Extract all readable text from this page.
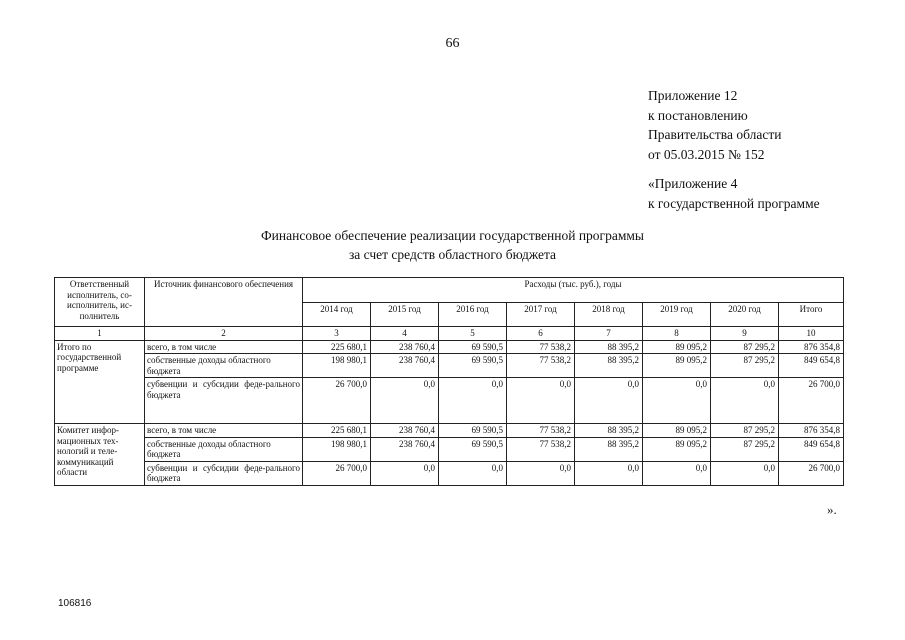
66
Приложение 12
к постановлению
Правительства области
от 05.03.2015 № 152
«Приложение 4
к государственной программе
Финансовое обеспечение реализации государственной программы
за счет средств областного бюджета
Ответственный исполнитель, со-исполнитель, ис-полнитель	Источник финансового обеспечения	Расходы (тыс. руб.), годы							
		2014 год	2015 год	2016 год	2017 год	2018 год	2019 год	2020 год	Итого
1	2	3	4	5	6	7	8	9	10
Итого по государственной программе	всего, в том числе	225 680,1	238 760,4	69 590,5	77 538,2	88 395,2	89 095,2	87 295,2	876 354,8
	собственные доходы областного бюджета	198 980,1	238 760,4	69 590,5	77 538,2	88 395,2	89 095,2	87 295,2	849 654,8
	субвенции и субсидии феде-рального бюджета	26 700,0	0,0	0,0	0,0	0,0	0,0	0,0	26 700,0
Комитет инфор-мационных тех-нологий и теле-коммуникаций области	всего, в том числе	225 680,1	238 760,4	69 590,5	77 538,2	88 395,2	89 095,2	87 295,2	876 354,8
	собственные доходы областного бюджета	198 980,1	238 760,4	69 590,5	77 538,2	88 395,2	89 095,2	87 295,2	849 654,8
	субвенции и субсидии феде-рального бюджета	26 700,0	0,0	0,0	0,0	0,0	0,0	0,0	26 700,0
».
106816
